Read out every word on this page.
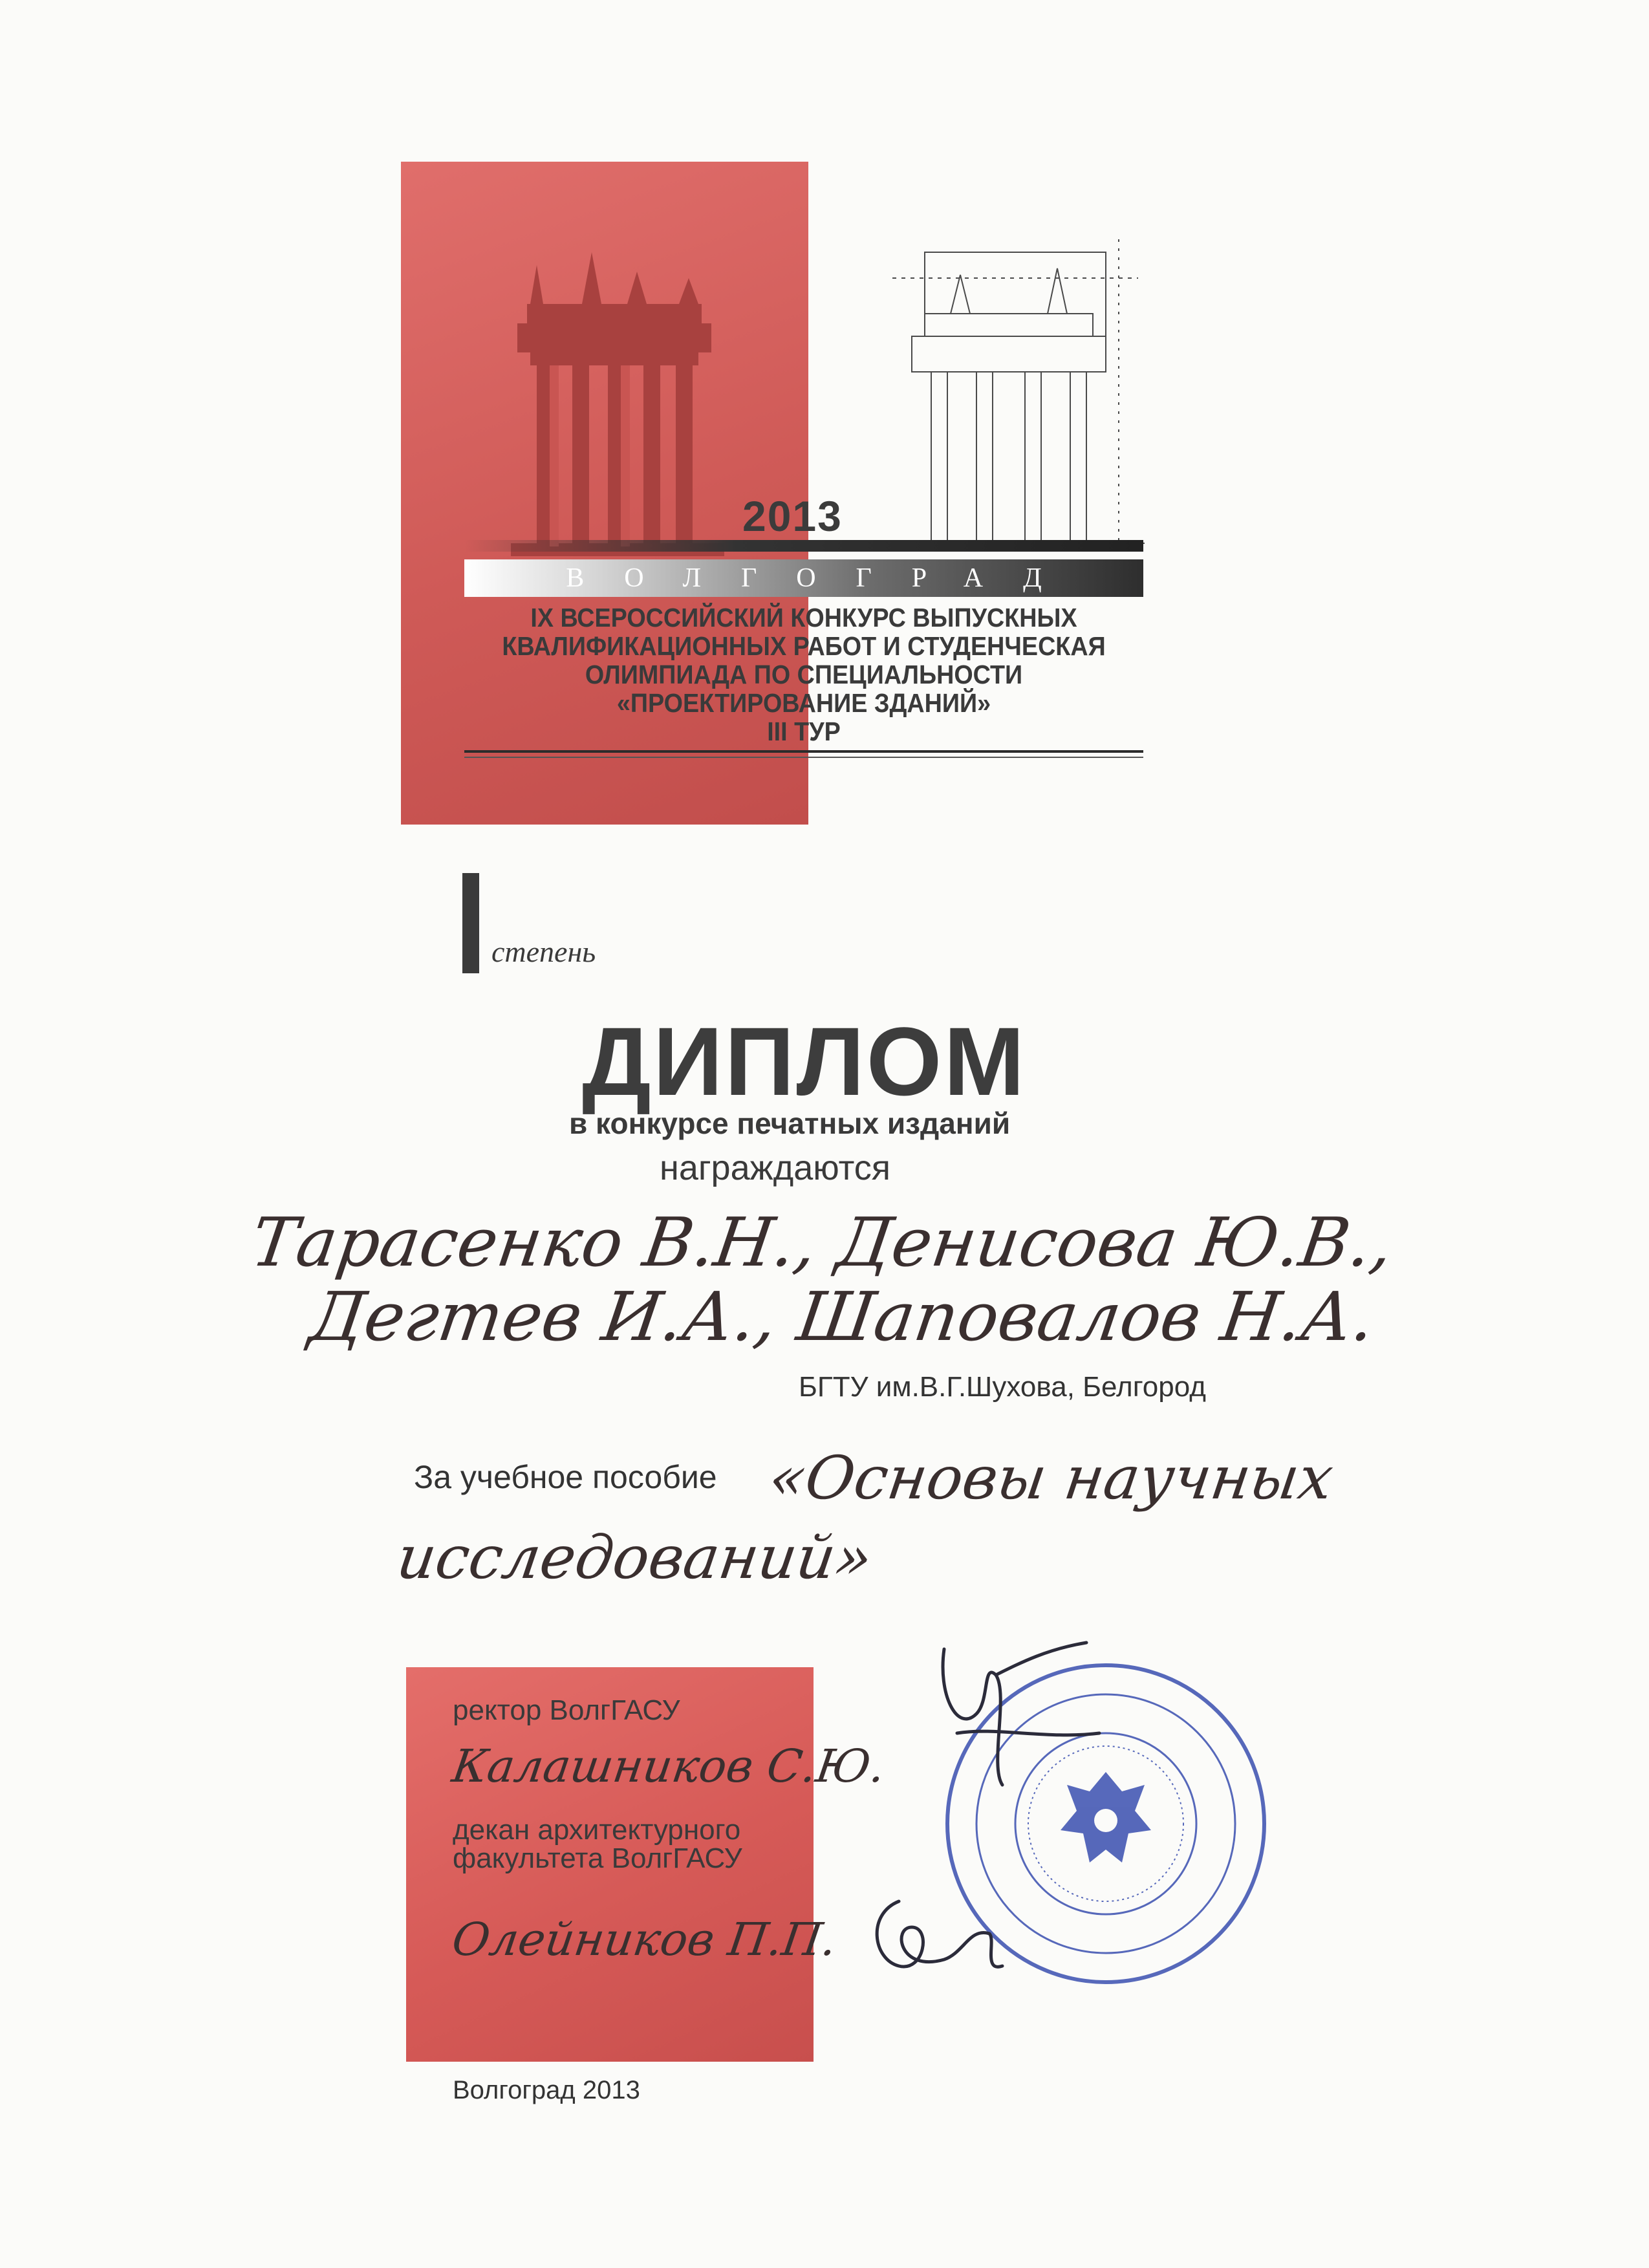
2013
ВОЛГОГРАД
IX ВСЕРОССИЙСКИЙ КОНКУРС ВЫПУСКНЫХ
КВАЛИФИКАЦИОННЫХ РАБОТ И СТУДЕНЧЕСКАЯ
ОЛИМПИАДА ПО СПЕЦИАЛЬНОСТИ
«ПРОЕКТИРОВАНИЕ ЗДАНИЙ»
III ТУР
степень
ДИПЛОМ
в конкурсе печатных изданий
награждаются
Тарасенко В.Н., Денисова Ю.В.,
Дегтев И.А., Шаповалов Н.А.
БГТУ им.В.Г.Шухова, Белгород
За учебное пособие «Основы научных
исследований»
ректор ВолгГАСУ
Калашников С.Ю.
декан архитектурного
факультета ВолгГАСУ
Олейников П.П.
Волгоград 2013
